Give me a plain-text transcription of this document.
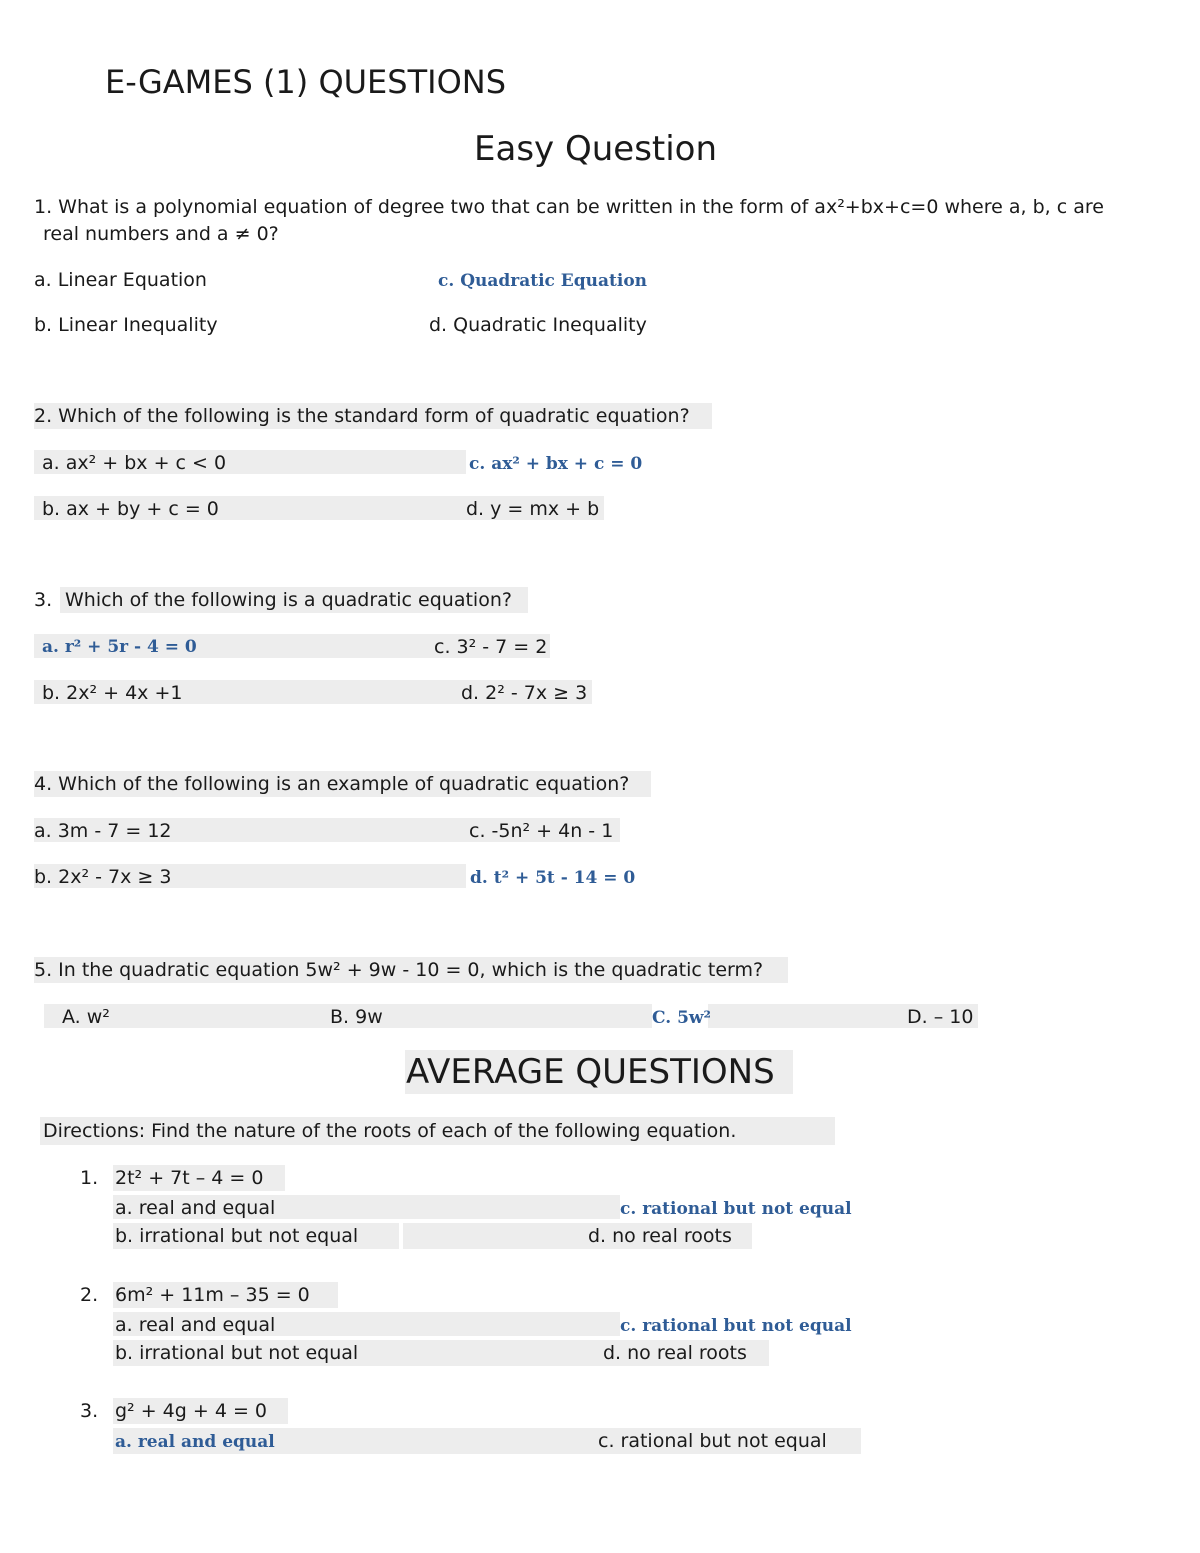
E-GAMES (1) QUESTIONS
Easy Question
1. What is a polynomial equation of degree two that can be written in the form of ax²+bx+c=0 where a, b, c are
real numbers and a ≠ 0?
a. Linear Equation	c. Quadratic Equation
b. Linear Inequality	d. Quadratic Inequality
2. Which of the following is the standard form of quadratic equation?
a. ax² + bx + c < 0	c. ax² + bx + c = 0
b. ax + by + c = 0	d. y = mx + b
3. Which of the following is a quadratic equation?
a. r² + 5r - 4 = 0	c. 3² - 7 = 2
b. 2x² + 4x +1	d. 2² - 7x ≥ 3
4. Which of the following is an example of quadratic equation?
a. 3m - 7 = 12	c. -5n² + 4n - 1
b. 2x² - 7x ≥ 3	d. t² + 5t - 14 = 0
5. In the quadratic equation 5w² + 9w - 10 = 0, which is the quadratic term?
A. w²	B. 9w	C. 5w²	D. – 10
AVERAGE QUESTIONS
Directions: Find the nature of the roots of each of the following equation.
1. 2t² + 7t – 4 = 0
a. real and equal	c. rational but not equal
b. irrational but not equal	d. no real roots
2. 6m² + 11m – 35 = 0
a. real and equal	c. rational but not equal
b. irrational but not equal	d. no real roots
3. g² + 4g + 4 = 0
a. real and equal	c. rational but not equal
